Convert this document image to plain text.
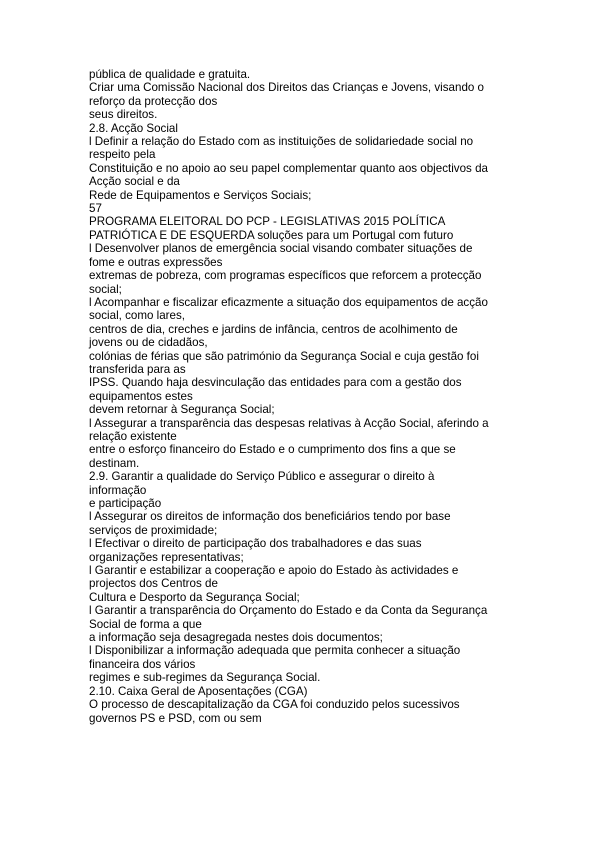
pública de qualidade e gratuita.
Criar uma Comissão Nacional dos Direitos das Crianças e Jovens, visando o
reforço da protecção dos
seus direitos.
2.8. Acção Social
l Definir a relação do Estado com as instituições de solidariedade social no
respeito pela
Constituição e no apoio ao seu papel complementar quanto aos objectivos da
Acção social e da
Rede de Equipamentos e Serviços Sociais;
57
PROGRAMA ELEITORAL DO PCP - LEGISLATIVAS 2015 POLÍTICA
PATRIÓTICA E DE ESQUERDA soluções para um Portugal com futuro
l Desenvolver planos de emergência social visando combater situações de
fome e outras expressões
extremas de pobreza, com programas específicos que reforcem a protecção
social;
l Acompanhar e fiscalizar eficazmente a situação dos equipamentos de acção
social, como lares,
centros de dia, creches e jardins de infância, centros de acolhimento de
jovens ou de cidadãos,
colónias de férias que são património da Segurança Social e cuja gestão foi
transferida para as
IPSS. Quando haja desvinculação das entidades para com a gestão dos
equipamentos estes
devem retornar à Segurança Social;
l Assegurar a transparência das despesas relativas à Acção Social, aferindo a
relação existente
entre o esforço financeiro do Estado e o cumprimento dos fins a que se
destinam.
2.9. Garantir a qualidade do Serviço Público e assegurar o direito à
informação
e participação
l Assegurar os direitos de informação dos beneficiários tendo por base
serviços de proximidade;
l Efectivar o direito de participação dos trabalhadores e das suas
organizações representativas;
l Garantir e estabilizar a cooperação e apoio do Estado às actividades e
projectos dos Centros de
Cultura e Desporto da Segurança Social;
l Garantir a transparência do Orçamento do Estado e da Conta da Segurança
Social de forma a que
a informação seja desagregada nestes dois documentos;
l Disponibilizar a informação adequada que permita conhecer a situação
financeira dos vários
regimes e sub-regimes da Segurança Social.
2.10. Caixa Geral de Aposentações (CGA)
O processo de descapitalização da CGA foi conduzido pelos sucessivos
governos PS e PSD, com ou sem
